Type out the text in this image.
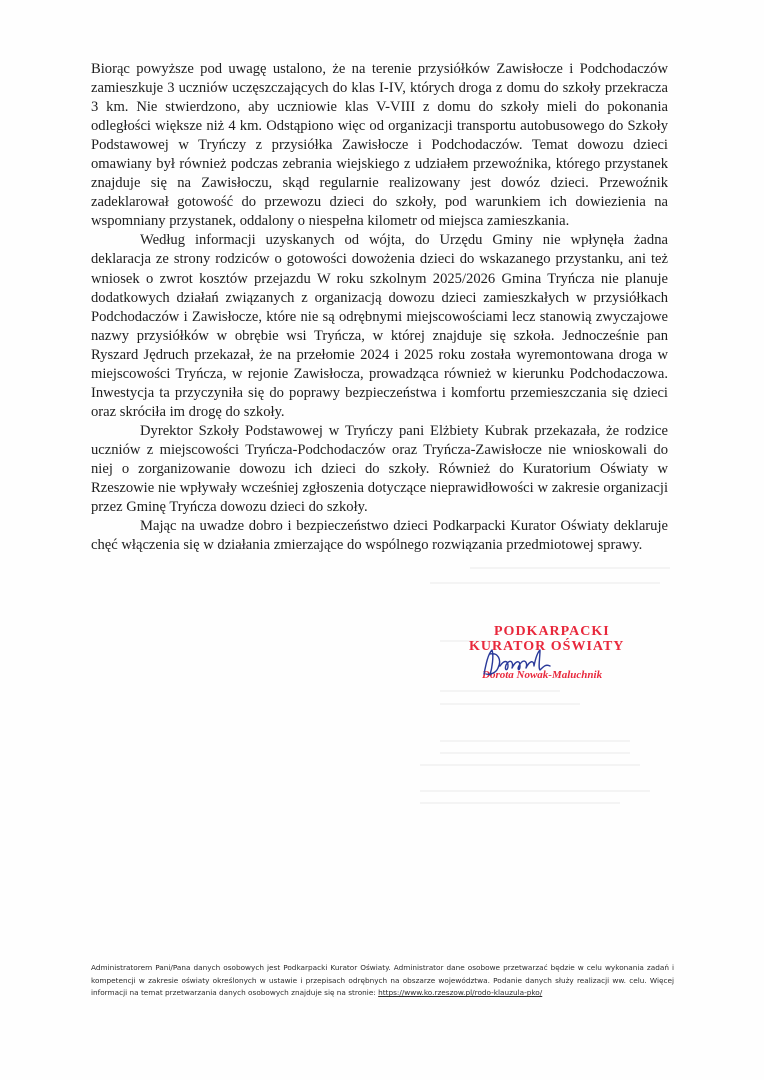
Biorąc powyższe pod uwagę ustalono, że na terenie przysiółków Zawisłocze i Podchodaczów zamieszkuje 3 uczniów uczęszczających do klas I-IV, których droga z domu do szkoły przekracza 3 km. Nie stwierdzono, aby uczniowie klas V-VIII z domu do szkoły mieli do pokonania odległości większe niż 4 km. Odstąpiono więc od organizacji transportu autobusowego do Szkoły Podstawowej w Tryńczy z przysiółka Zawisłocze i Podchodaczów. Temat dowozu dzieci omawiany był również podczas zebrania wiejskiego z udziałem przewoźnika, którego przystanek znajduje się na Zawisłoczu, skąd regularnie realizowany jest dowóz dzieci. Przewoźnik zadeklarował gotowość do przewozu dzieci do szkoły, pod warunkiem ich dowiezienia na wspomniany przystanek, oddalony o niespełna kilometr od miejsca zamieszkania.

Według informacji uzyskanych od wójta, do Urzędu Gminy nie wpłynęła żadna deklaracja ze strony rodziców o gotowości dowożenia dzieci do wskazanego przystanku, ani też wniosek o zwrot kosztów przejazdu W roku szkolnym 2025/2026 Gmina Tryńcza nie planuje dodatkowych działań związanych z organizacją dowozu dzieci zamieszkałych w przysiółkach Podchodaczów i Zawisłocze, które nie są odrębnymi miejscowościami lecz stanowią zwyczajowe nazwy przysiółków w obrębie wsi Tryńcza, w której znajduje się szkoła. Jednocześnie pan Ryszard Jędruch przekazał, że na przełomie 2024 i 2025 roku została wyremontowana droga w miejscowości Tryńcza, w rejonie Zawisłocza, prowadząca również w kierunku Podchodaczowa. Inwestycja ta przyczyniła się do poprawy bezpieczeństwa i komfortu przemieszczania się dzieci oraz skróciła im drogę do szkoły.

Dyrektor Szkoły Podstawowej w Tryńczy pani Elżbiety Kubrak przekazała, że rodzice uczniów z miejscowości Tryńcza-Podchodaczów oraz Tryńcza-Zawisłocze nie wnioskowali do niej o zorganizowanie dowozu ich dzieci do szkoły. Również do Kuratorium Oświaty w Rzeszowie nie wpływały wcześniej zgłoszenia dotyczące nieprawidłowości w zakresie organizacji przez Gminę Tryńcza dowozu dzieci do szkoły.

Mając na uwadze dobro i bezpieczeństwo dzieci Podkarpacki Kurator Oświaty deklaruje chęć włączenia się w działania zmierzające do wspólnego rozwiązania przedmiotowej sprawy.

PODKARPACKI
KURATOR OŚWIATY
Dorota Nowak-Maluchnik
Administratorem Pani/Pana danych osobowych jest Podkarpacki Kurator Oświaty. Administrator dane osobowe przetwarzać będzie w celu wykonania zadań i kompetencji w zakresie oświaty określonych w ustawie i przepisach odrębnych na obszarze województwa. Podanie danych służy realizacji ww. celu. Więcej informacji na temat przetwarzania danych osobowych znajduje się na stronie: https://www.ko.rzeszow.pl/rodo-klauzula-pko/
